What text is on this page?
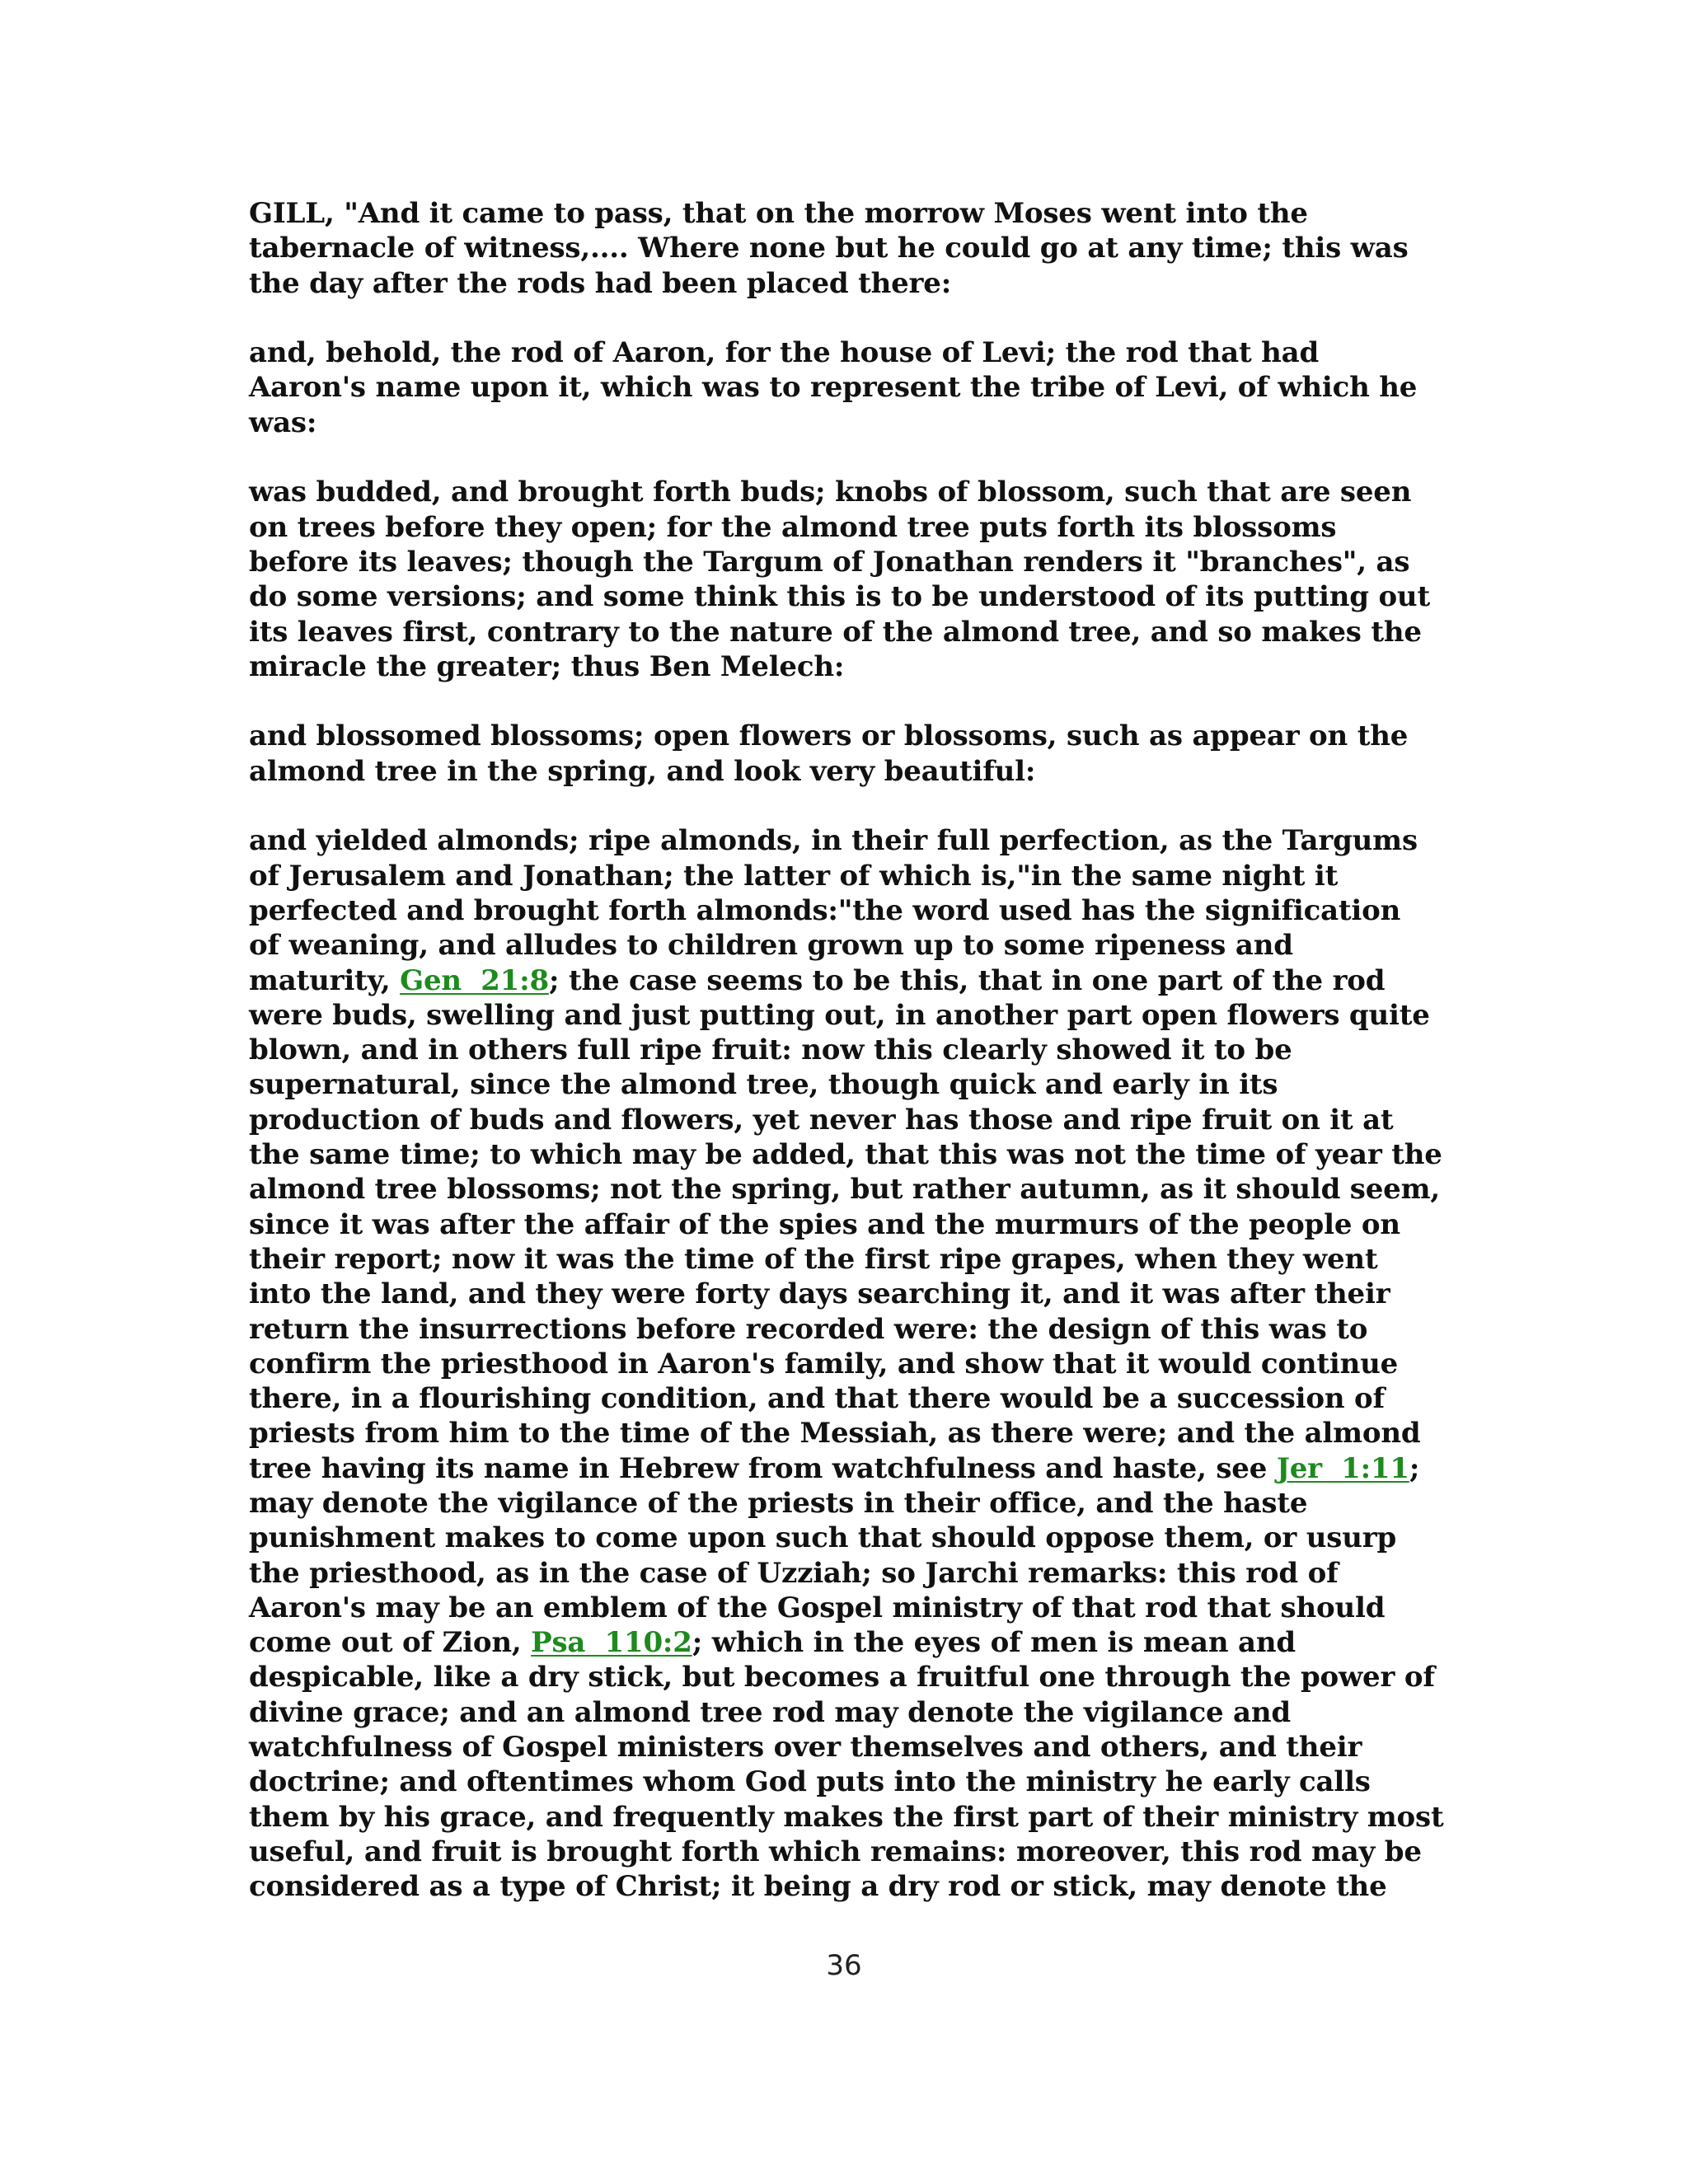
GILL, "And it came to pass, that on the morrow Moses went into the
tabernacle of witness,.... Where none but he could go at any time; this was
the day after the rods had been placed there:

and, behold, the rod of Aaron, for the house of Levi; the rod that had
Aaron's name upon it, which was to represent the tribe of Levi, of which he
was:

was budded, and brought forth buds; knobs of blossom, such that are seen
on trees before they open; for the almond tree puts forth its blossoms
before its leaves; though the Targum of Jonathan renders it "branches", as
do some versions; and some think this is to be understood of its putting out
its leaves first, contrary to the nature of the almond tree, and so makes the
miracle the greater; thus Ben Melech:

and blossomed blossoms; open flowers or blossoms, such as appear on the
almond tree in the spring, and look very beautiful:

and yielded almonds; ripe almonds, in their full perfection, as the Targums
of Jerusalem and Jonathan; the latter of which is,"in the same night it
perfected and brought forth almonds:"the word used has the signification
of weaning, and alludes to children grown up to some ripeness and
maturity, Gen  21:8; the case seems to be this, that in one part of the rod
were buds, swelling and just putting out, in another part open flowers quite
blown, and in others full ripe fruit: now this clearly showed it to be
supernatural, since the almond tree, though quick and early in its
production of buds and flowers, yet never has those and ripe fruit on it at
the same time; to which may be added, that this was not the time of year the
almond tree blossoms; not the spring, but rather autumn, as it should seem,
since it was after the affair of the spies and the murmurs of the people on
their report; now it was the time of the first ripe grapes, when they went
into the land, and they were forty days searching it, and it was after their
return the insurrections before recorded were: the design of this was to
confirm the priesthood in Aaron's family, and show that it would continue
there, in a flourishing condition, and that there would be a succession of
priests from him to the time of the Messiah, as there were; and the almond
tree having its name in Hebrew from watchfulness and haste, see Jer  1:11;
may denote the vigilance of the priests in their office, and the haste
punishment makes to come upon such that should oppose them, or usurp
the priesthood, as in the case of Uzziah; so Jarchi remarks: this rod of
Aaron's may be an emblem of the Gospel ministry of that rod that should
come out of Zion, Psa  110:2; which in the eyes of men is mean and
despicable, like a dry stick, but becomes a fruitful one through the power of
divine grace; and an almond tree rod may denote the vigilance and
watchfulness of Gospel ministers over themselves and others, and their
doctrine; and oftentimes whom God puts into the ministry he early calls
them by his grace, and frequently makes the first part of their ministry most
useful, and fruit is brought forth which remains: moreover, this rod may be
considered as a type of Christ; it being a dry rod or stick, may denote the

36
